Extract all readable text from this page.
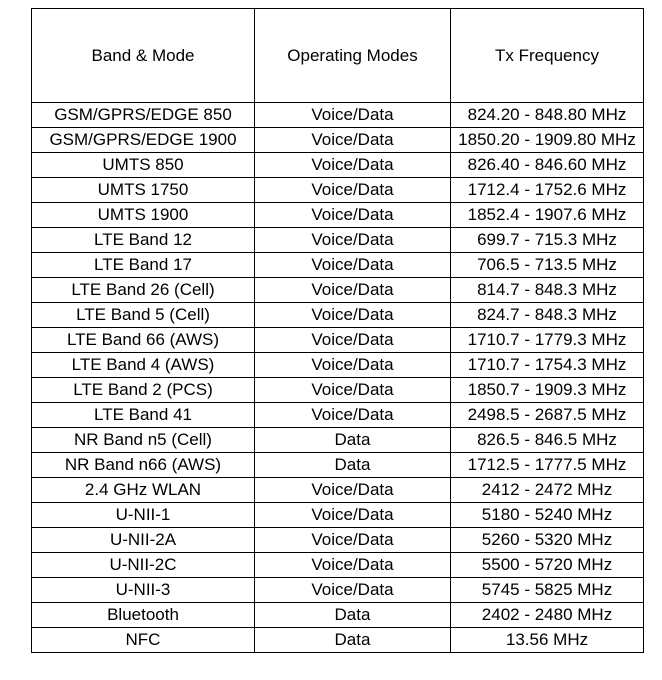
Band & Mode	Operating Modes	Tx Frequency
GSM/GPRS/EDGE 850	Voice/Data	824.20 - 848.80 MHz
GSM/GPRS/EDGE 1900	Voice/Data	1850.20 - 1909.80 MHz
UMTS 850	Voice/Data	826.40 - 846.60 MHz
UMTS 1750	Voice/Data	1712.4 - 1752.6 MHz
UMTS 1900	Voice/Data	1852.4 - 1907.6 MHz
LTE Band 12	Voice/Data	699.7 - 715.3 MHz
LTE Band 17	Voice/Data	706.5 - 713.5 MHz
LTE Band 26 (Cell)	Voice/Data	814.7 - 848.3 MHz
LTE Band 5 (Cell)	Voice/Data	824.7 - 848.3 MHz
LTE Band 66 (AWS)	Voice/Data	1710.7 - 1779.3 MHz
LTE Band 4 (AWS)	Voice/Data	1710.7 - 1754.3 MHz
LTE Band 2 (PCS)	Voice/Data	1850.7 - 1909.3 MHz
LTE Band 41	Voice/Data	2498.5 - 2687.5 MHz
NR Band n5 (Cell)	Data	826.5 - 846.5 MHz
NR Band n66 (AWS)	Data	1712.5 - 1777.5 MHz
2.4 GHz WLAN	Voice/Data	2412 - 2472 MHz
U-NII-1	Voice/Data	5180 - 5240 MHz
U-NII-2A	Voice/Data	5260 - 5320 MHz
U-NII-2C	Voice/Data	5500 - 5720 MHz
U-NII-3	Voice/Data	5745 - 5825 MHz
Bluetooth	Data	2402 - 2480 MHz
NFC	Data	13.56 MHz
